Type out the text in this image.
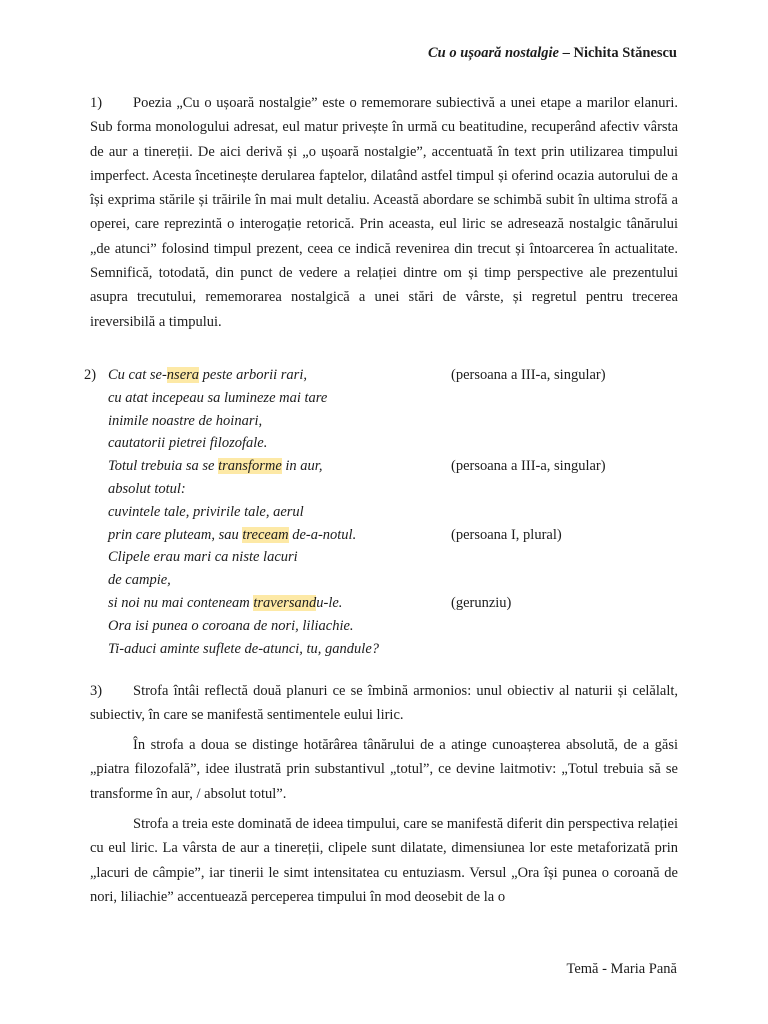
Cu o ușoară nostalgie – Nichita Stănescu

1) Poezia „Cu o ușoară nostalgie” este o rememorare subiectivă a unei etape a marilor elanuri. Sub forma monologului adresat, eul matur privește în urmă cu beatitudine, recuperând afectiv vârsta de aur a tinereții. De aici derivă și „o ușoară nostalgie”, accentuată în text prin utilizarea timpului imperfect. Acesta încetinește derularea faptelor, dilatând astfel timpul și oferind ocazia autorului de a își exprima stările și trăirile în mai mult detaliu. Această abordare se schimbă subit în ultima strofă a operei, care reprezintă o interogație retorică. Prin aceasta, eul liric se adresează nostalgic tânărului „de atunci” folosind timpul prezent, ceea ce indică revenirea din trecut și întoarcerea în actualitate. Semnifică, totodată, din punct de vedere a relației dintre om și timp perspective ale prezentului asupra trecutului, rememorarea nostalgică a unei stări de vârste, și regretul pentru trecerea ireversibilă a timpului.

2) Cu cat se-nsera peste arborii rari,	(persoana a III-a, singular)
cu atat incepeau sa lumineze mai tare
inimile noastre de hoinari,
cautatorii pietrei filozofale.
Totul trebuia sa se transforme in aur,	(persoana a III-a, singular)
absolut totul:
cuvintele tale, privirile tale, aerul
prin care pluteam, sau treceam de-a-notul.	(persoana I, plural)
Clipele erau mari ca niste lacuri
de campie,
si noi nu mai conteneam traversandu-le.	(gerunziu)
Ora isi punea o coroana de nori, liliachie.
Ti-aduci aminte suflete de-atunci, tu, gandule?

3) Strofa întâi reflectă două planuri ce se îmbină armonios: unul obiectiv al naturii și celălalt, subiectiv, în care se manifestă sentimentele eului liric.

În strofa a doua se distinge hotărârea tânărului de a atinge cunoașterea absolută, de a găsi „piatra filozofală”, idee ilustrată prin substantivul „totul”, ce devine laitmotiv: „Totul trebuia să se transforme în aur, / absolut totul”.

Strofa a treia este dominată de ideea timpului, care se manifestă diferit din perspectiva relației cu eul liric. La vârsta de aur a tinereții, clipele sunt dilatate, dimensiunea lor este metaforizată prin „lacuri de câmpie”, iar tinerii le simt intensitatea cu entuziasm. Versul „Ora își punea o coroană de nori, liliachie” accentuează perceperea timpului în mod deosebit de la o

Temă - Maria Pană
